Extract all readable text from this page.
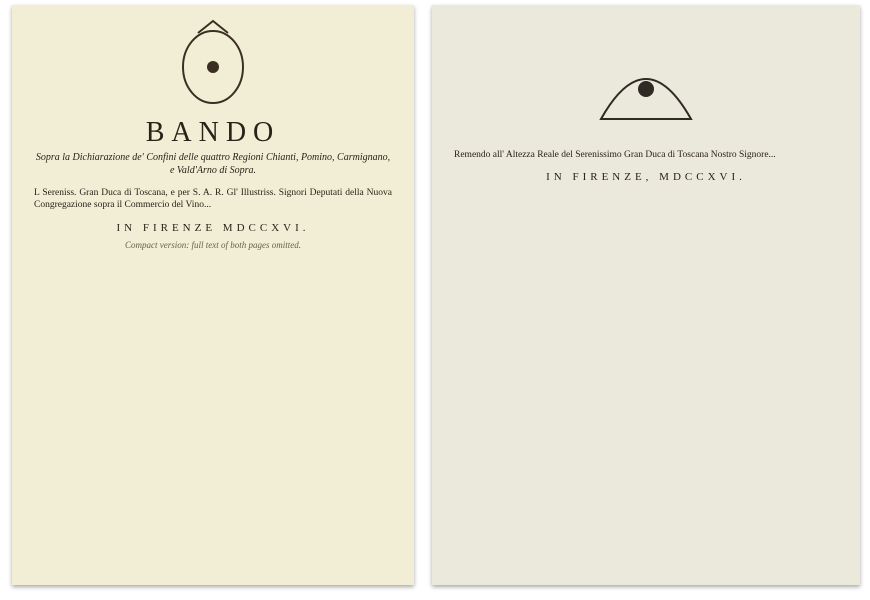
BANDO

Sopra la Dichiarazione de' Confini delle quattro Regioni Chianti, Pomino, Carmignano, e Vald'Arno di Sopra.

L Sereniss. Gran Duca di Toscana, e per S. A. R. Gl' Illustriss. Signori Deputati della Nuova Congregazione sopra il Commercio del Vino...

IN FIRENZE MDCCXVI.
Compact version: full text of both pages omitted.

Remendo all' Altezza Reale del Serenissimo Gran Duca di Toscana Nostro Signore...

IN FIRENZE, MDCCXVI.
